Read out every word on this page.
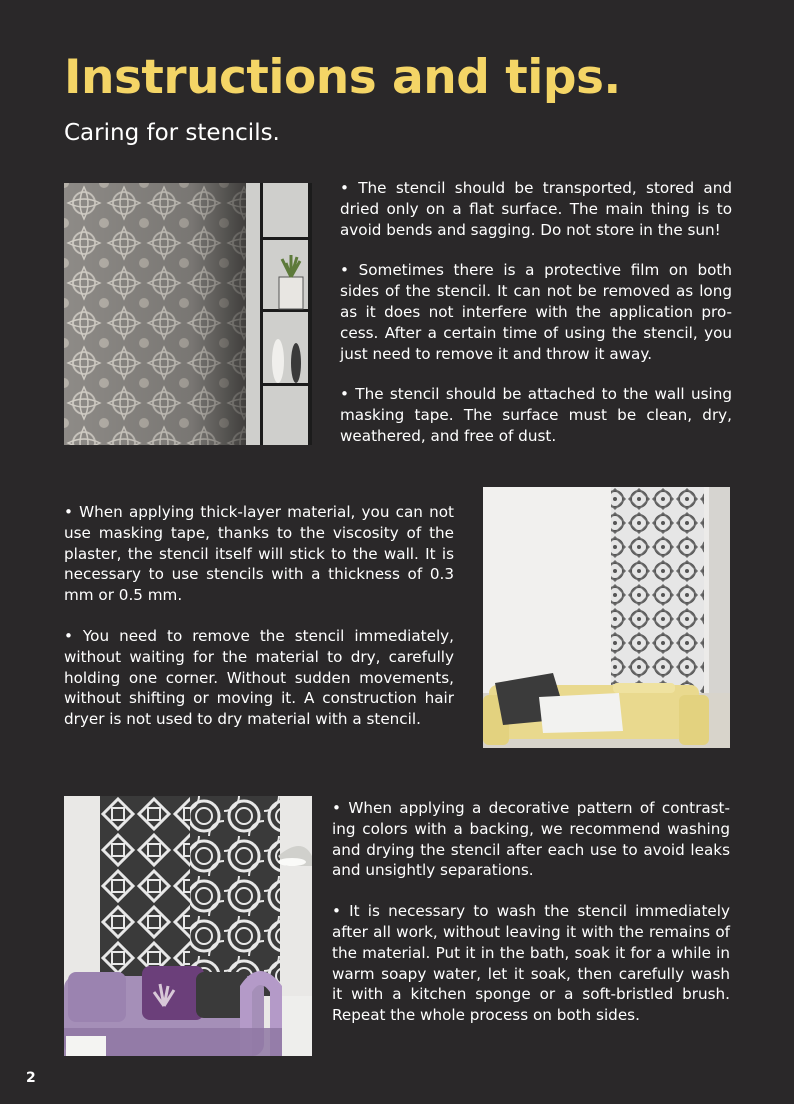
Instructions and tips.
Caring for stencils.

• The stencil should be transported, stored and dried only on a flat surface. The main thing is to avoid bends and sagging. Do not store in the sun!

• Sometimes there is a protective film on both sides of the stencil. It can not be removed as long as it does not interfere with the application pro-cess. After a certain time of using the stencil, you just need to remove it and throw it away.

• The stencil should be attached to the wall using masking tape. The surface must be clean, dry, weathered, and free of dust.

• When applying thick-layer material, you can not use masking tape, thanks to the viscosity of the plaster, the stencil itself will stick to the wall. It is necessary to use stencils with a thickness of 0.3 mm or 0.5 mm.

• You need to remove the stencil immediately, without waiting for the material to dry, carefully holding one corner. Without sudden movements, without shifting or moving it. A construction hair dryer is not used to dry material with a stencil.

• When applying a decorative pattern of contrast-ing colors with a backing, we recommend washing and drying the stencil after each use to avoid leaks and unsightly separations.

• It is necessary to wash the stencil immediately after all work, without leaving it with the remains of the material. Put it in the bath, soak it for a while in warm soapy water, let it soak, then carefully wash it with a kitchen sponge or a soft-bristled brush. Repeat the whole process on both sides.

2
